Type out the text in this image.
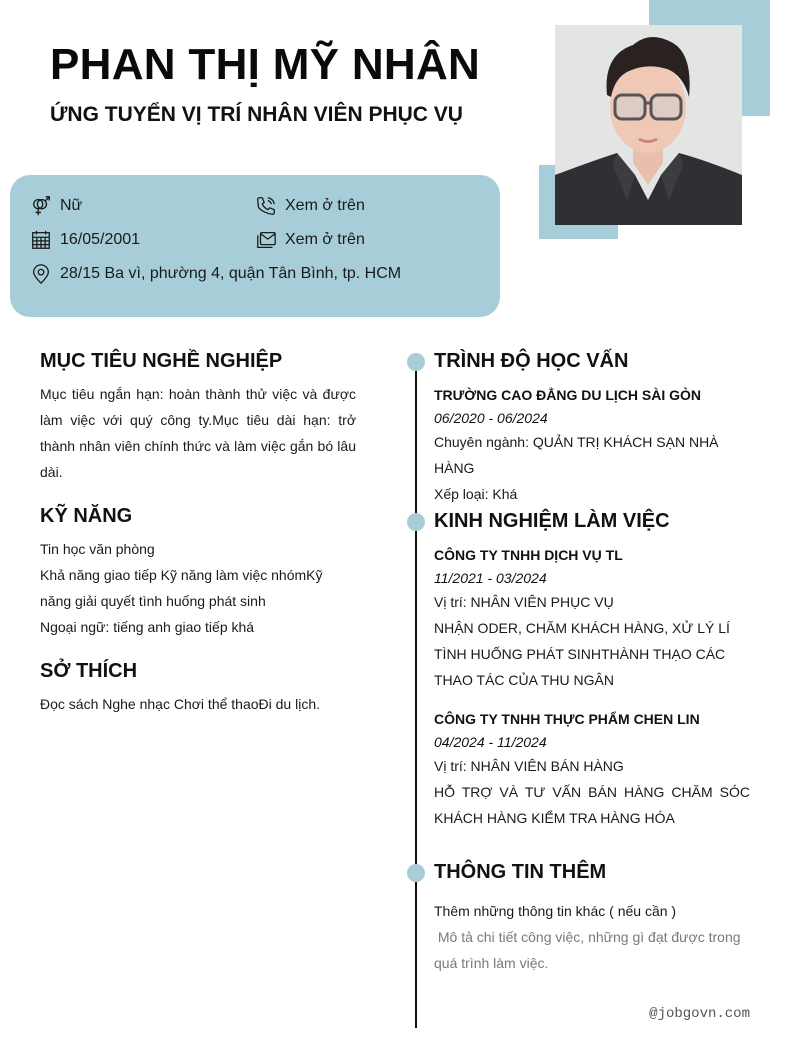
PHAN THỊ MỸ NHÂN
ỨNG TUYỂN VỊ TRÍ NHÂN VIÊN PHỤC VỤ
Nữ	Xem ở trên
16/05/2001	Xem ở trên
28/15 Ba vì, phường 4, quận Tân Bình, tp. HCM
MỤC TIÊU NGHỀ NGHIỆP
Mục tiêu ngắn hạn: hoàn thành thử việc và được làm việc với quý công ty.Mục tiêu dài hạn: trở thành nhân viên chính thức và làm việc gắn bó lâu dài.
KỸ NĂNG
Tin học văn phòng
Khả năng giao tiếp Kỹ năng làm việc nhómKỹ năng giải quyết tình huống phát sinh
Ngoại ngữ: tiếng anh giao tiếp khá
SỞ THÍCH
Đọc sách Nghe nhạc Chơi thể thaoĐi du lịch.
TRÌNH ĐỘ HỌC VẤN
TRƯỜNG CAO ĐẲNG DU LỊCH SÀI GÒN
06/2020 - 06/2024
Chuyên ngành: QUẢN TRỊ KHÁCH SẠN NHÀ HÀNG
Xếp loại: Khá
KINH NGHIỆM LÀM VIỆC
CÔNG TY TNHH DỊCH VỤ TL
11/2021 - 03/2024
Vị trí: NHÂN VIÊN PHỤC VỤ
NHẬN ODER, CHĂM KHÁCH HÀNG, XỬ LÝ LÍ TÌNH HUỐNG PHÁT SINHTHÀNH THẠO CÁC THAO TÁC CỦA THU NGÂN
CÔNG TY TNHH THỰC PHẨM CHEN LIN
04/2024 - 11/2024
Vị trí: NHÂN VIÊN BÁN HÀNG
HỖ TRỢ VÀ TƯ VẤN BÁN HÀNG CHĂM SÓC KHÁCH HÀNG KIỂM TRA HÀNG HÓA
THÔNG TIN THÊM
Thêm những thông tin khác ( nếu cần )
Mô tả chi tiết công việc, những gì đạt được trong quá trình làm việc.
@jobgovn.com
